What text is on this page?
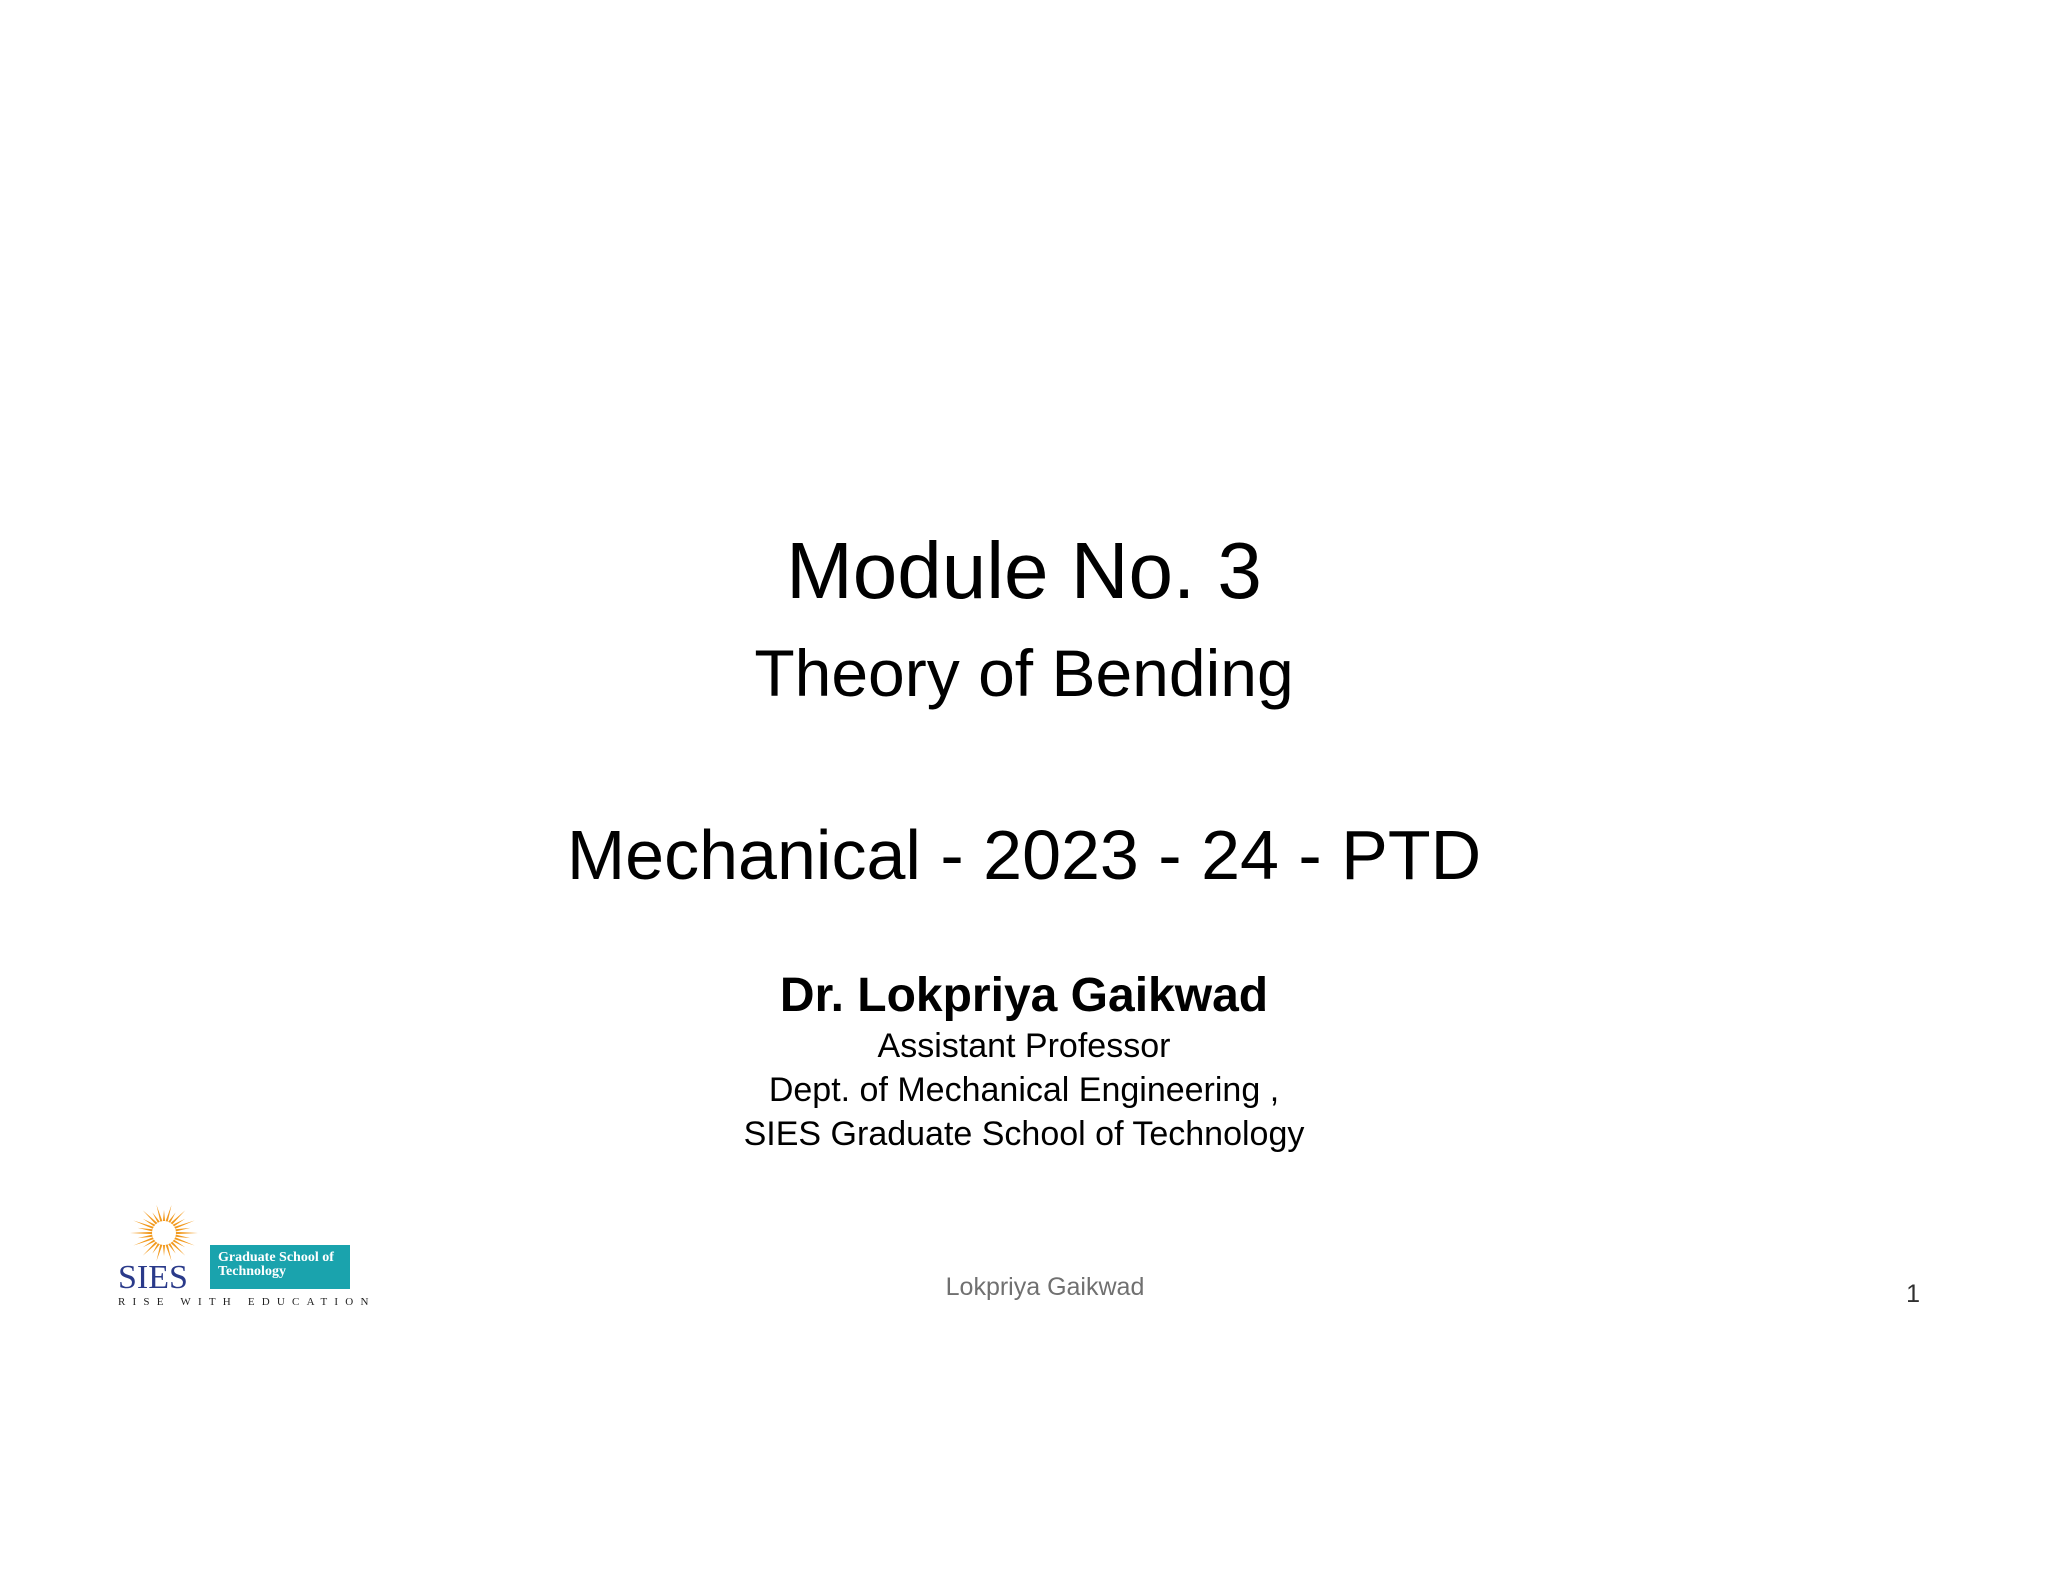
Module No. 3
Theory of Bending
Mechanical - 2023 - 24 - PTD
Dr. Lokpriya Gaikwad
Assistant Professor
Dept. of Mechanical Engineering ,
SIES Graduate School of Technology
SIES
Graduate School of
Technology
RISE WITH EDUCATION
Lokpriya Gaikwad	1
